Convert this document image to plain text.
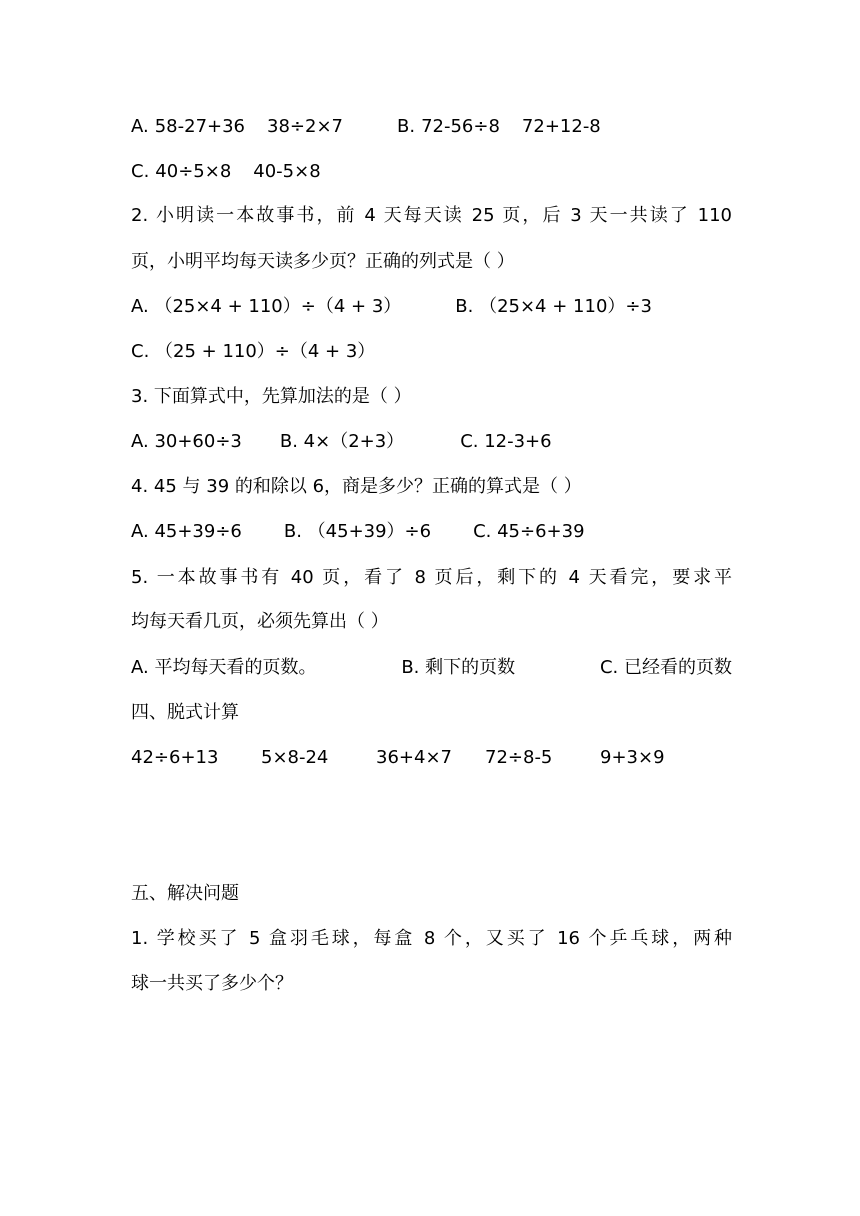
A. 58-27+36 38÷2×7	B. 72-56÷8 72+12-8
C. 40÷5×8 40-5×8
2. 小明读一本故事书，前 4 天每天读 25 页，后 3 天一共读了 110
页，小明平均每天读多少页？正确的列式是（ ）
A. （25×4 + 110）÷（4 + 3）	B. （25×4 + 110）÷3
C. （25 + 110）÷（4 + 3）
3. 下面算式中，先算加法的是（ ）
A. 30+60÷3 B. 4×（2+3）	C. 12-3+6
4. 45 与 39 的和除以 6，商是多少？正确的算式是（ ）
A. 45+39÷6 B. （45+39）÷6 C. 45÷6+39
5. 一本故事书有 40 页，看了 8 页后，剩下的 4 天看完，要求平
均每天看几页，必须先算出（ ）
A. 平均每天看的页数。	B. 剩下的页数	C. 已经看的页数
四、脱式计算
42÷6+13	5×8-24	36+4×7	72÷8-5	9+3×9
五、解决问题
1. 学校买了 5 盒羽毛球，每盒 8 个，又买了 16 个乒乓球，两种
球一共买了多少个？
